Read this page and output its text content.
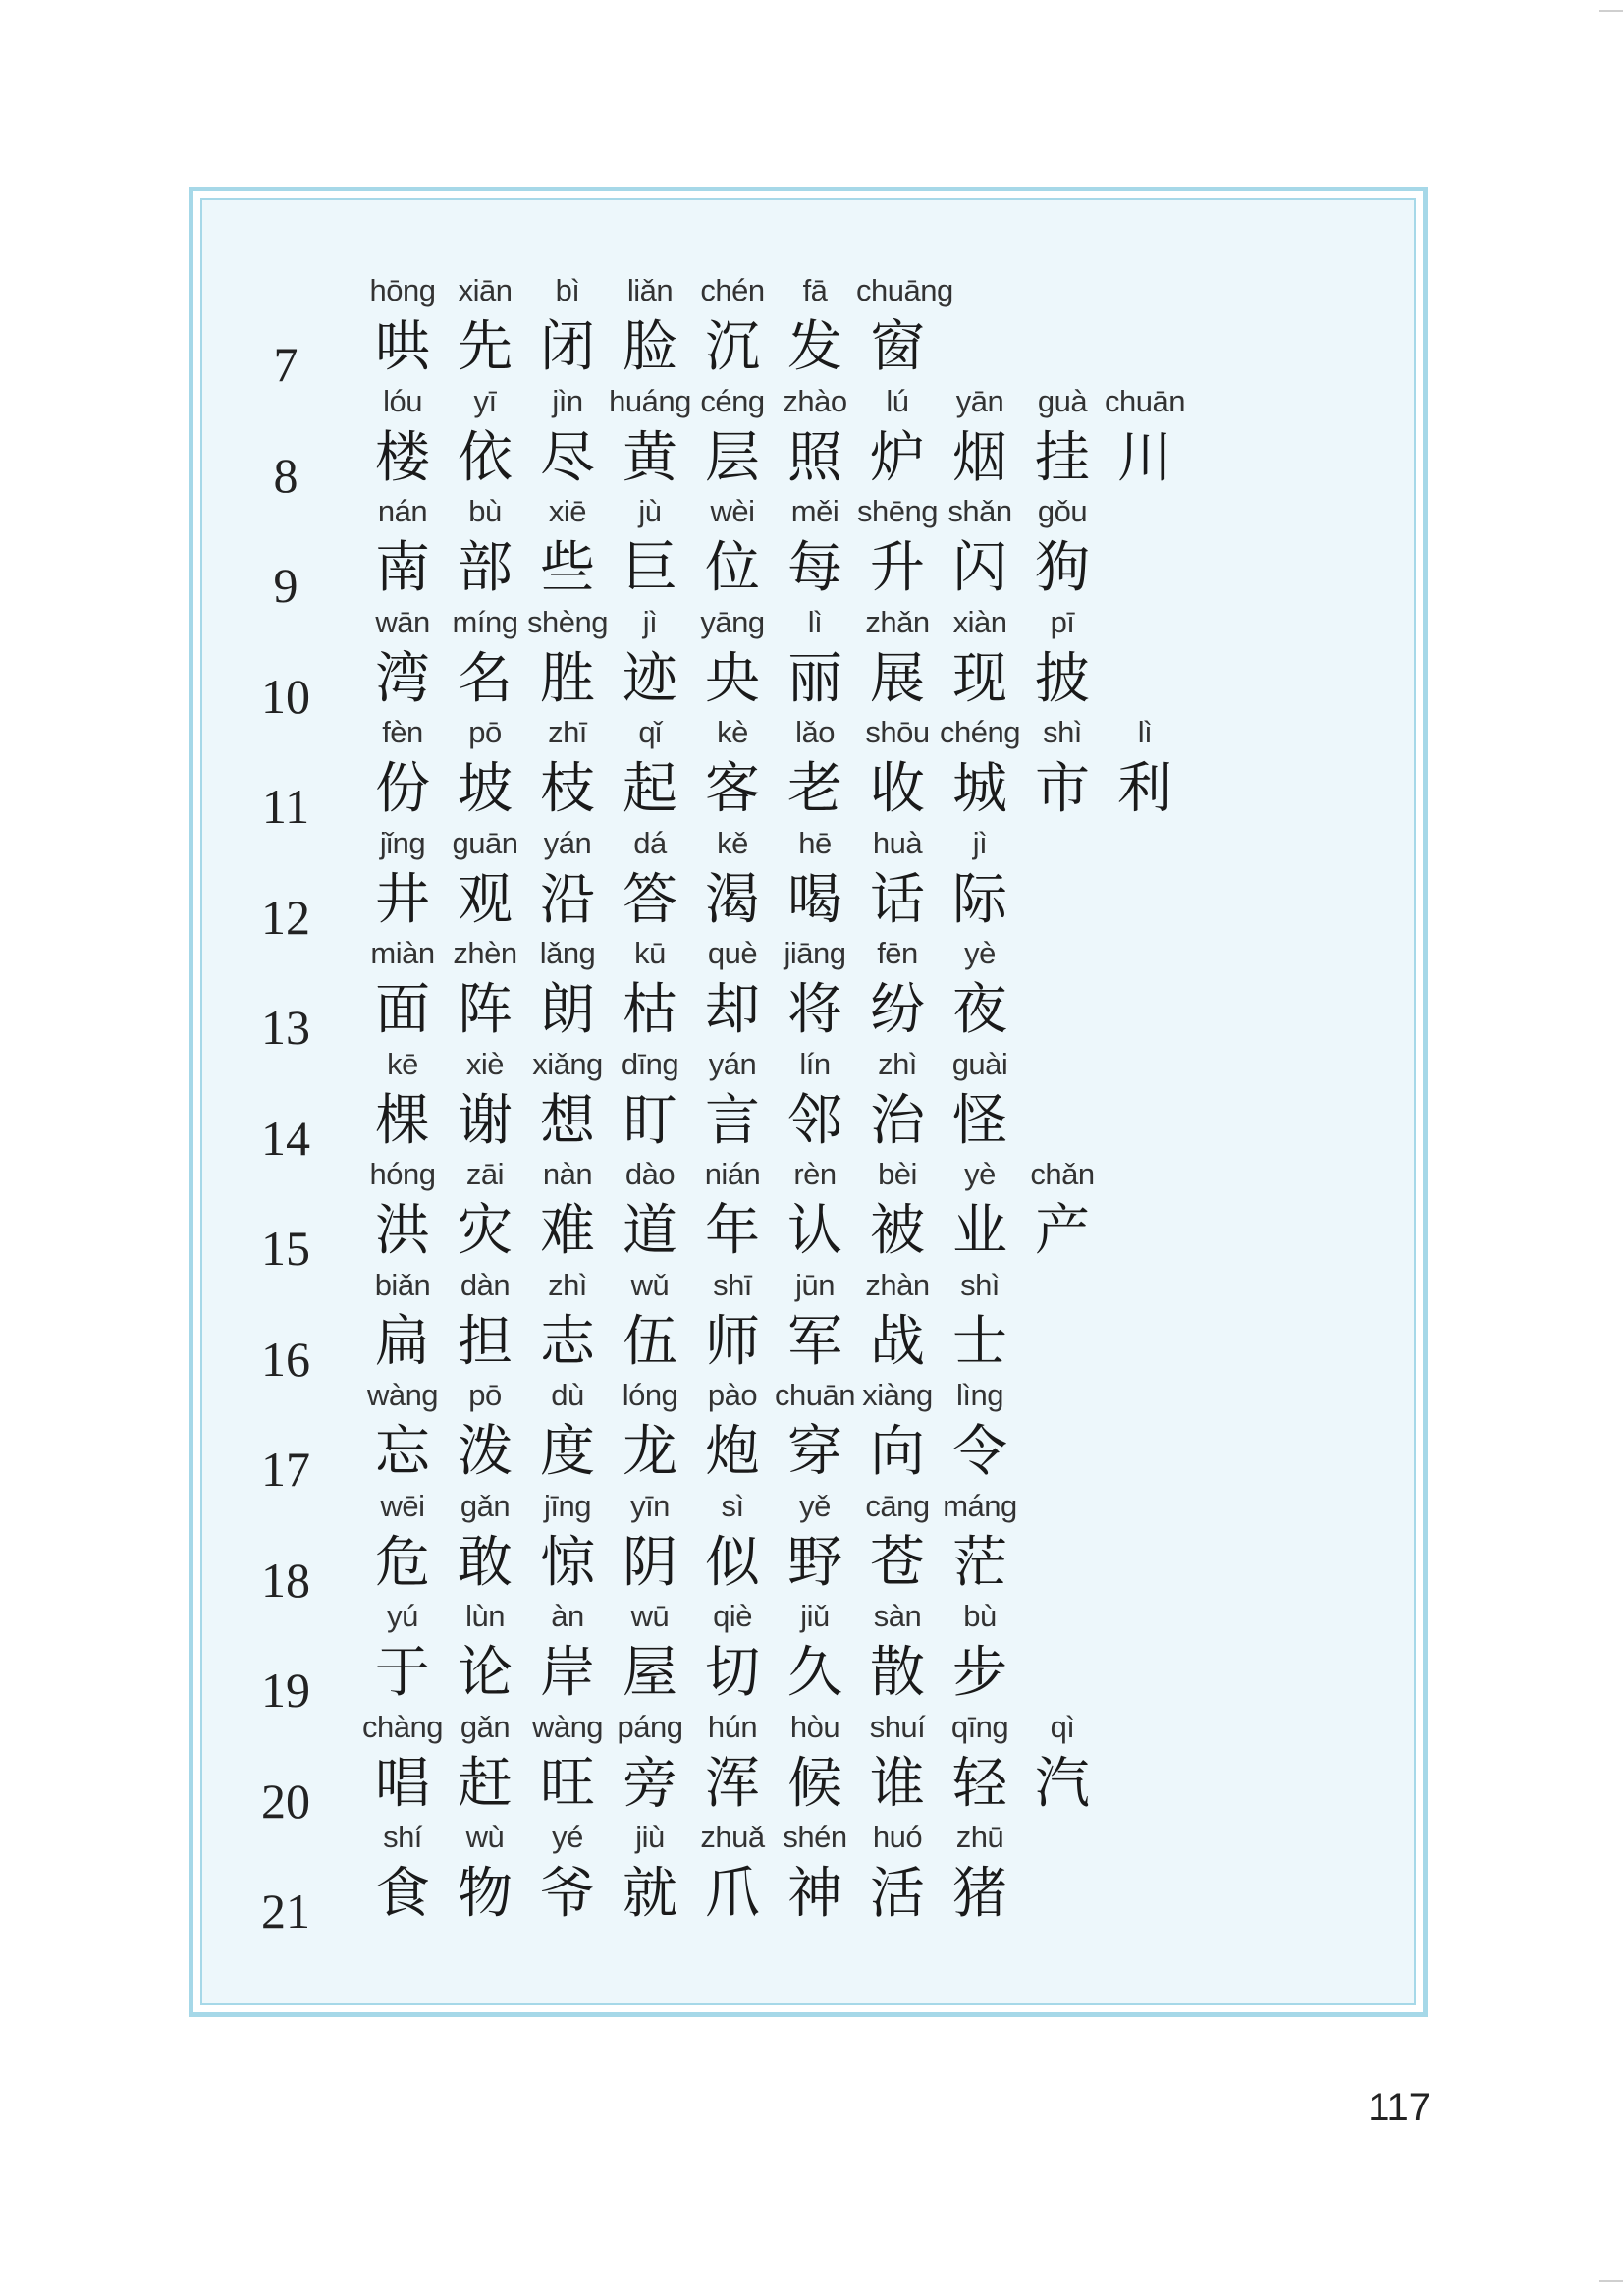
7
hōng
哄
xiān
先
bì
闭
liǎn
脸
chén
沉
fā
发
chuāng
窗
8
lóu
楼
yī
依
jìn
尽
huáng
黄
céng
层
zhào
照
lú
炉
yān
烟
guà
挂
chuān
川
9
nán
南
bù
部
xiē
些
jù
巨
wèi
位
měi
每
shēng
升
shǎn
闪
gǒu
狗
10
wān
湾
míng
名
shèng
胜
jì
迹
yāng
央
lì
丽
zhǎn
展
xiàn
现
pī
披
11
fèn
份
pō
坡
zhī
枝
qǐ
起
kè
客
lǎo
老
shōu
收
chéng
城
shì
市
lì
利
12
jǐng
井
guān
观
yán
沿
dá
答
kě
渴
hē
喝
huà
话
jì
际
13
miàn
面
zhèn
阵
lǎng
朗
kū
枯
què
却
jiāng
将
fēn
纷
yè
夜
14
kē
棵
xiè
谢
xiǎng
想
dīng
盯
yán
言
lín
邻
zhì
治
guài
怪
15
hóng
洪
zāi
灾
nàn
难
dào
道
nián
年
rèn
认
bèi
被
yè
业
chǎn
产
16
biǎn
扁
dàn
担
zhì
志
wǔ
伍
shī
师
jūn
军
zhàn
战
shì
士
17
wàng
忘
pō
泼
dù
度
lóng
龙
pào
炮
chuān
穿
xiàng
向
lìng
令
18
wēi
危
gǎn
敢
jīng
惊
yīn
阴
sì
似
yě
野
cāng
苍
máng
茫
19
yú
于
lùn
论
àn
岸
wū
屋
qiè
切
jiǔ
久
sàn
散
bù
步
20
chàng
唱
gǎn
赶
wàng
旺
páng
旁
hún
浑
hòu
候
shuí
谁
qīng
轻
qì
汽
21
shí
食
wù
物
yé
爷
jiù
就
zhuǎ
爪
shén
神
huó
活
zhū
猪
117
